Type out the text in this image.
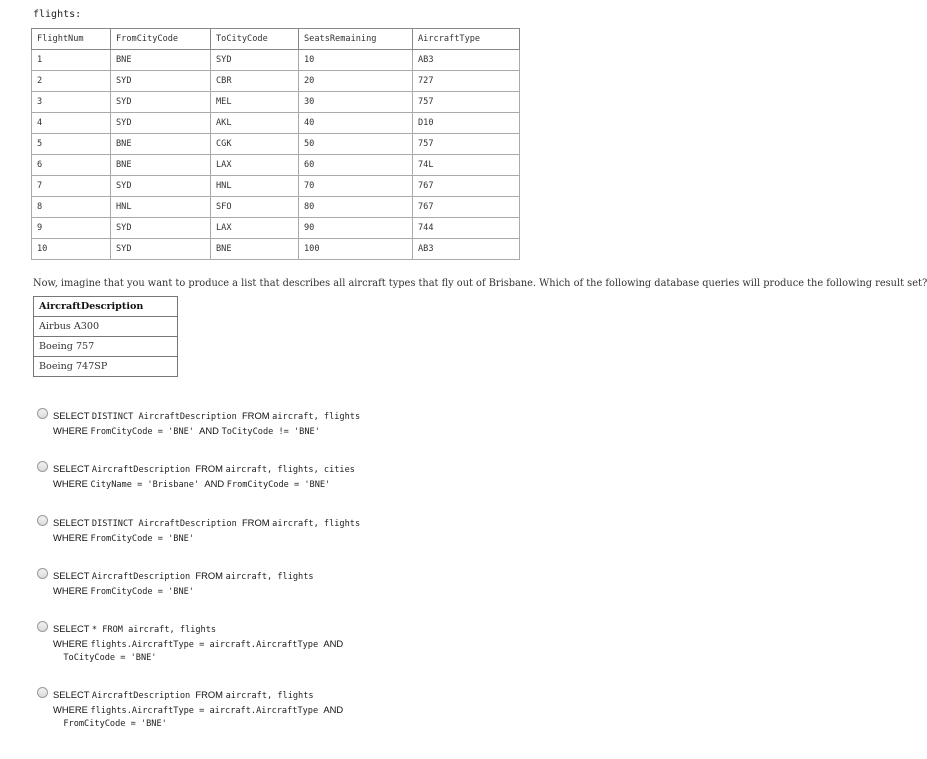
flights:
FlightNum	FromCityCode	ToCityCode	SeatsRemaining	AircraftType
1	BNE	SYD	10	AB3
2	SYD	CBR	20	727
3	SYD	MEL	30	757
4	SYD	AKL	40	D10
5	BNE	CGK	50	757
6	BNE	LAX	60	74L
7	SYD	HNL	70	767
8	HNL	SFO	80	767
9	SYD	LAX	90	744
10	SYD	BNE	100	AB3
Now, imagine that you want to produce a list that describes all aircraft types that fly out of Brisbane. Which of the following database queries will produce the following result set?
AircraftDescription
Airbus A300
Boeing 757
Boeing 747SP
SELECT DISTINCT AircraftDescription FROM aircraft, flights
WHERE FromCityCode = 'BNE' AND ToCityCode != 'BNE'
SELECT AircraftDescription FROM aircraft, flights, cities
WHERE CityName = 'Brisbane' AND FromCityCode = 'BNE'
SELECT DISTINCT AircraftDescription FROM aircraft, flights
WHERE FromCityCode = 'BNE'
SELECT AircraftDescription FROM aircraft, flights
WHERE FromCityCode = 'BNE'
SELECT * FROM aircraft, flights
WHERE flights.AircraftType = aircraft.AircraftType AND
ToCityCode = 'BNE'
SELECT AircraftDescription FROM aircraft, flights
WHERE flights.AircraftType = aircraft.AircraftType AND
FromCityCode = 'BNE'
